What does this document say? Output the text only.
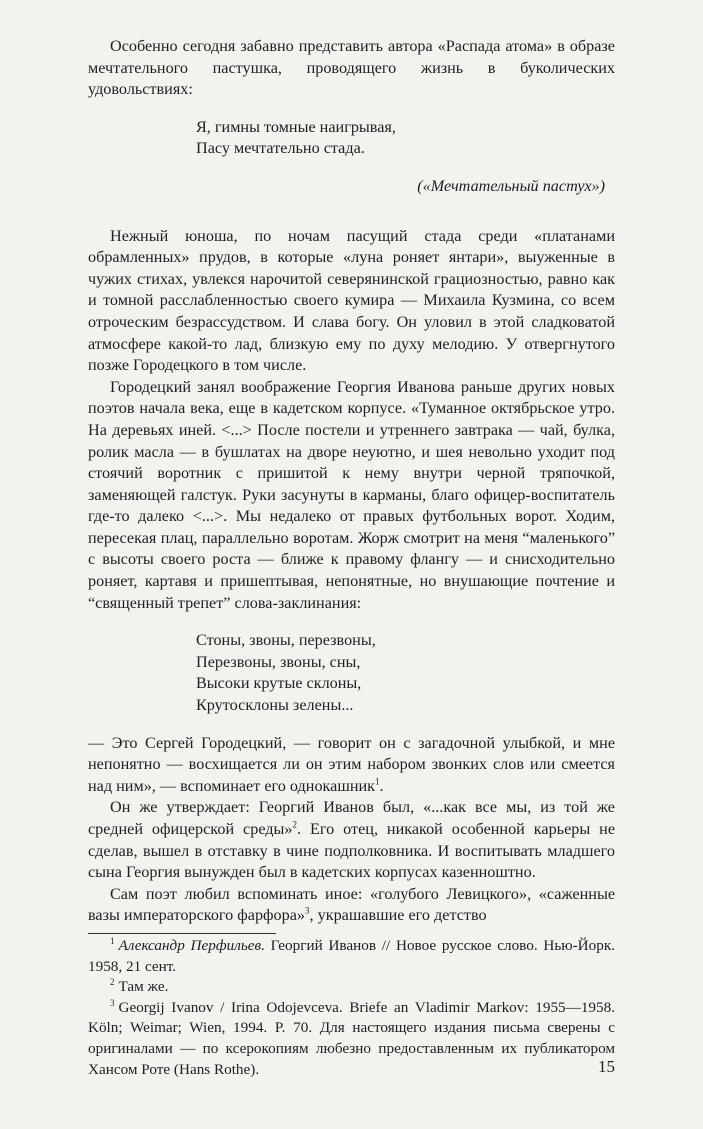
Особенно сегодня забавно представить автора «Распада атома» в образе мечтательного пастушка, проводящего жизнь в буколических удовольствиях:

Я, гимны томные наигрывая,
Пасу мечтательно стада.

(«Мечтательный пастух»)

Нежный юноша, по ночам пасущий стада среди «платанами обрамленных» прудов, в которые «луна роняет янтари», выуженные в чужих стихах, увлекся нарочитой северянинской грациозностью, равно как и томной расслабленностью своего кумира — Михаила Кузмина, со всем отроческим безрассудством. И слава богу. Он уловил в этой сладковатой атмосфере какой-то лад, близкую ему по духу мелодию. У отвергнутого позже Городецкого в том числе.

Городецкий занял воображение Георгия Иванова раньше других новых поэтов начала века, еще в кадетском корпусе. «Туманное октябрьское утро. На деревьях иней. <...> После постели и утреннего завтрака — чай, булка, ролик масла — в бушлатах на дворе неуютно, и шея невольно уходит под стоячий воротник с пришитой к нему внутри черной тряпочкой, заменяющей галстук. Руки засунуты в карманы, благо офицер-воспитатель где-то далеко <...>. Мы недалеко от правых футбольных ворот. Ходим, пересекая плац, параллельно воротам. Жорж смотрит на меня “маленького” с высоты своего роста — ближе к правому флангу — и снисходительно роняет, картавя и пришептывая, непонятные, но внушающие почтение и “священный трепет” слова-заклинания:

Стоны, звоны, перезвоны,
Перезвоны, звоны, сны,
Высоки крутые склоны,
Крутосклоны зелены...

— Это Сергей Городецкий, — говорит он с загадочной улыбкой, и мне непонятно — восхищается ли он этим набором звонких слов или смеется над ним», — вспоминает его однокашник$^1$.

Он же утверждает: Георгий Иванов был, «...как все мы, из той же средней офицерской среды»$^2$. Его отец, никакой особенной карьеры не сделав, вышел в отставку в чине подполковника. И воспитывать младшего сына Георгия вынужден был в кадетских корпусах казенноштно.

Сам поэт любил вспоминать иное: «голубого Левицкого», «саженные вазы императорского фарфора»$^3$, украшавшие его детство

$^1$ Александр Перфильев. Георгий Иванов // Новое русское слово. Нью-Йорк. 1958, 21 сент.

$^2$ Там же.

$^3$ Georgij Ivanov / Irina Odojevceva. Briefe an Vladimir Markov: 1955—1958. Köln; Weimar; Wien, 1994. P. 70. Для настоящего издания письма сверены с оригиналами — по ксерокопиям любезно предоставленным их публикатором Хансом Роте (Hans Rothe).	15
